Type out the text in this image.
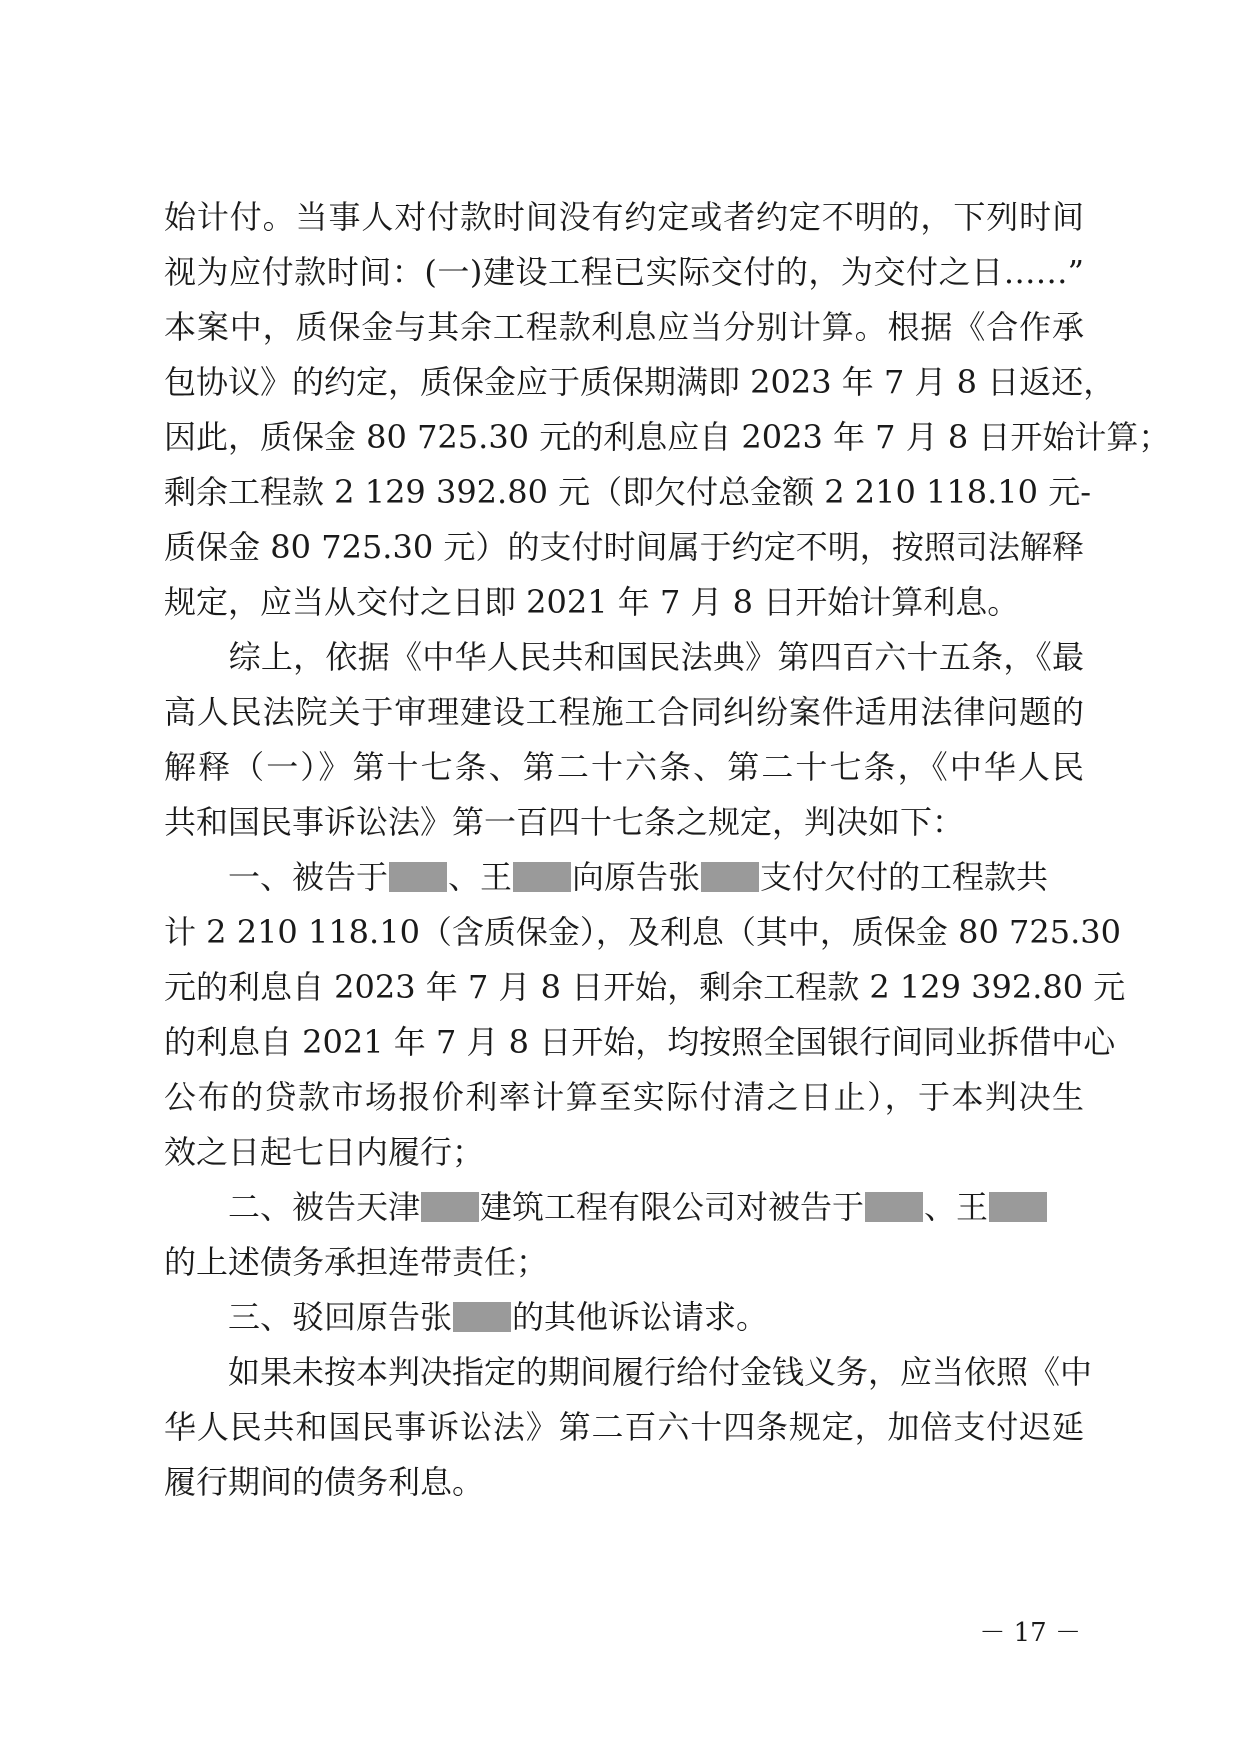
始计付。当事人对付款时间没有约定或者约定不明的，下列时间
视为应付款时间：(一)建设工程已实际交付的，为交付之日……”
本案中，质保金与其余工程款利息应当分别计算。根据《合作承
包协议》的约定，质保金应于质保期满即 2023 年 7 月 8 日返还，
因此，质保金 80 725.30 元的利息应自 2023 年 7 月 8 日开始计算；
剩余工程款 2 129 392.80 元（即欠付总金额 2 210 118.10 元-
质保金 80 725.30 元）的支付时间属于约定不明，按照司法解释
规定，应当从交付之日即 2021 年 7 月 8 日开始计算利息。
　　综上，依据《中华人民共和国民法典》第四百六十五条，《最
高人民法院关于审理建设工程施工合同纠纷案件适用法律问题的
解释（一）》第十七条、第二十六条、第二十七条，《中华人民
共和国民事诉讼法》第一百四十七条之规定，判决如下：
　　一、被告于 、王 向原告张 支付欠付的工程款共
计 2 210 118.10（含质保金），及利息（其中，质保金 80 725.30
元的利息自 2023 年 7 月 8 日开始，剩余工程款 2 129 392.80 元
的利息自 2021 年 7 月 8 日开始，均按照全国银行间同业拆借中心
公布的贷款市场报价利率计算至实际付清之日止），于本判决生
效之日起七日内履行；
　　二、被告天津 建筑工程有限公司对被告于 、王
的上述债务承担连带责任；
　　三、驳回原告张 的其他诉讼请求。
　　如果未按本判决指定的期间履行给付金钱义务，应当依照《中
华人民共和国民事诉讼法》第二百六十四条规定，加倍支付迟延
履行期间的债务利息。
－ 17 －
